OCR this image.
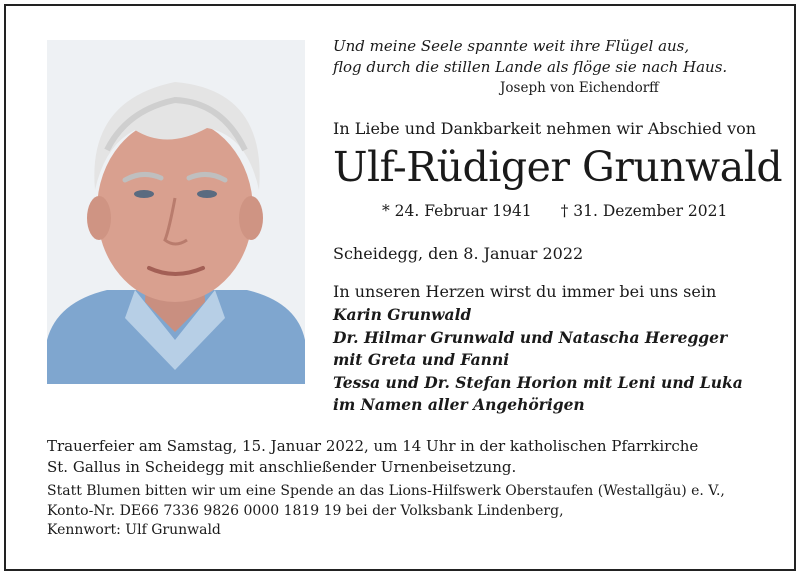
Und meine Seele spannte weit ihre Flügel aus,
flog durch die stillen Lande als flöge sie nach Haus.
Joseph von Eichendorff
In Liebe und Dankbarkeit nehmen wir Abschied von
Ulf-Rüdiger Grunwald
* 24. Februar 1941 † 31. Dezember 2021
Scheidegg, den 8. Januar 2022
In unseren Herzen wirst du immer bei uns sein
Karin Grunwald
Dr. Hilmar Grunwald und Natascha Heregger
mit Greta und Fanni
Tessa und Dr. Stefan Horion mit Leni und Luka
im Namen aller Angehörigen
Trauerfeier am Samstag, 15. Januar 2022, um 14 Uhr in der katholischen Pfarrkirche
St. Gallus in Scheidegg mit anschließender Urnenbeisetzung.
Statt Blumen bitten wir um eine Spende an das Lions-Hilfswerk Oberstaufen (Westallgäu) e. V.,
Konto-Nr. DE66 7336 9826 0000 1819 19 bei der Volksbank Lindenberg,
Kennwort: Ulf Grunwald
